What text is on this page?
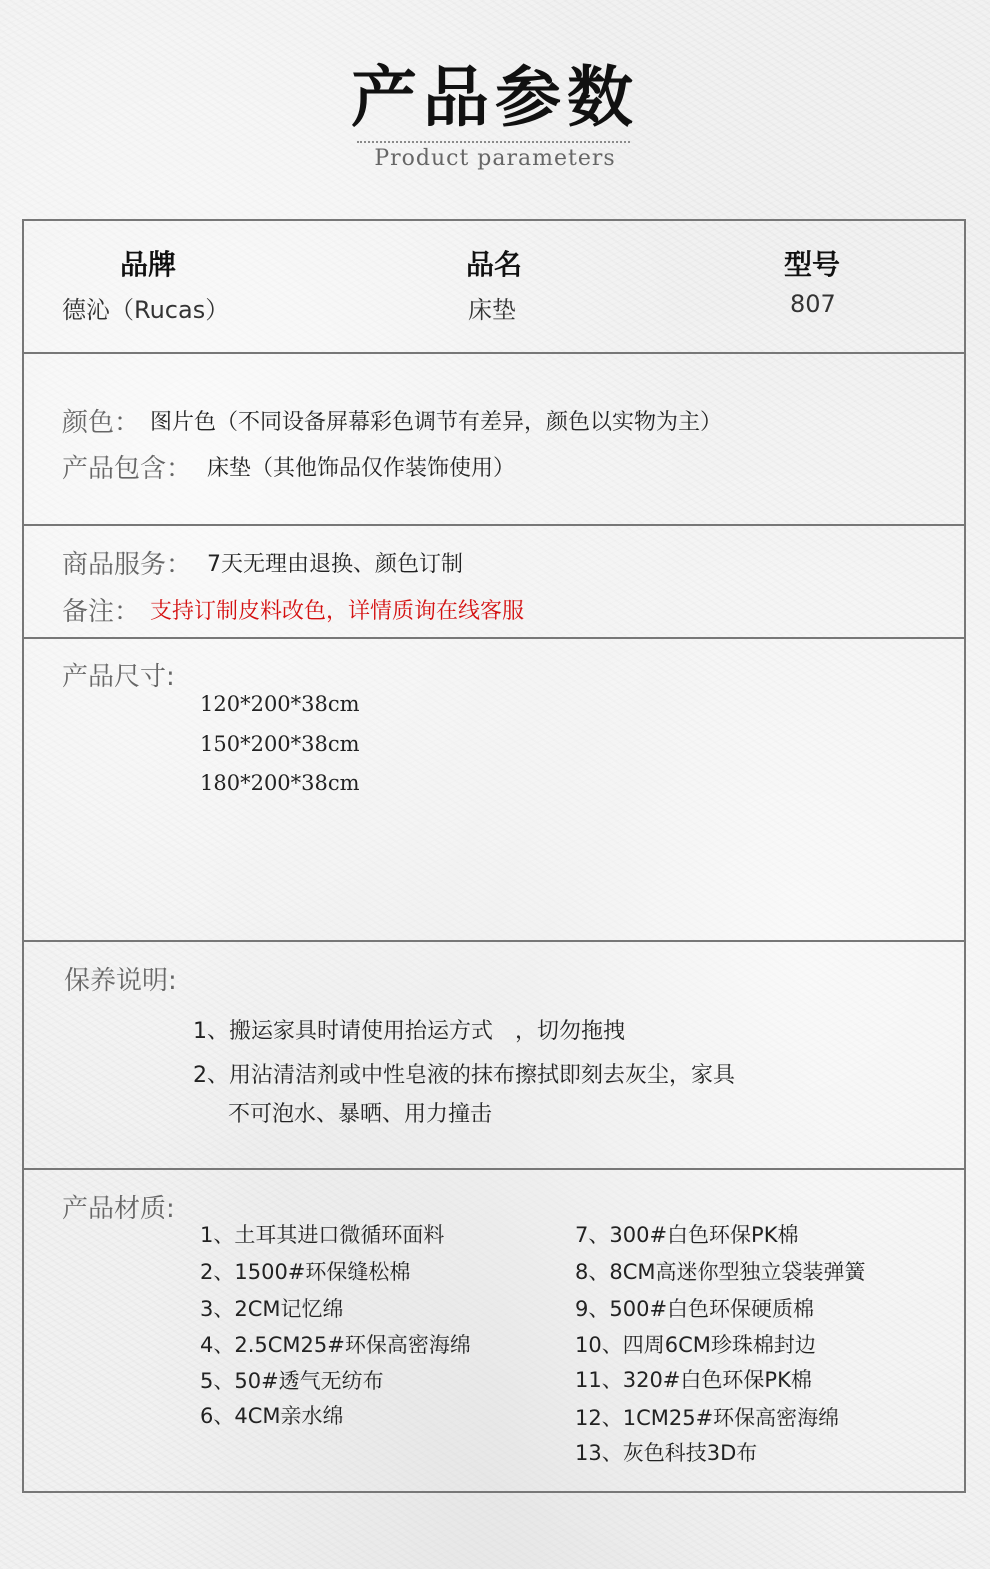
产品参数
Product parameters
品牌
德沁（Rucas）
品名
床垫
型号
807
颜色： 图片色（不同设备屏幕彩色调节有差异，颜色以实物为主）
产品包含： 床垫（其他饰品仅作装饰使用）
商品服务： 7天无理由退换、颜色订制
备注： 支持订制皮料改色，详情质询在线客服
产品尺寸:
120*200*38cm
150*200*38cm
180*200*38cm
保养说明:
1、搬运家具时请使用抬运方式　，切勿拖拽
2、用沾清洁剂或中性皂液的抹布擦拭即刻去灰尘，家具
不可泡水、暴晒、用力撞击
产品材质:
1、土耳其进口微循环面料
2、1500#环保缝松棉
3、2CM记忆绵
4、2.5CM25#环保高密海绵
5、50#透气无纺布
6、4CM亲水绵
7、300#白色环保PK棉
8、8CM高迷你型独立袋装弹簧
9、500#白色环保硬质棉
10、四周6CM珍珠棉封边
11、320#白色环保PK棉
12、1CM25#环保高密海绵
13、灰色科技3D布
